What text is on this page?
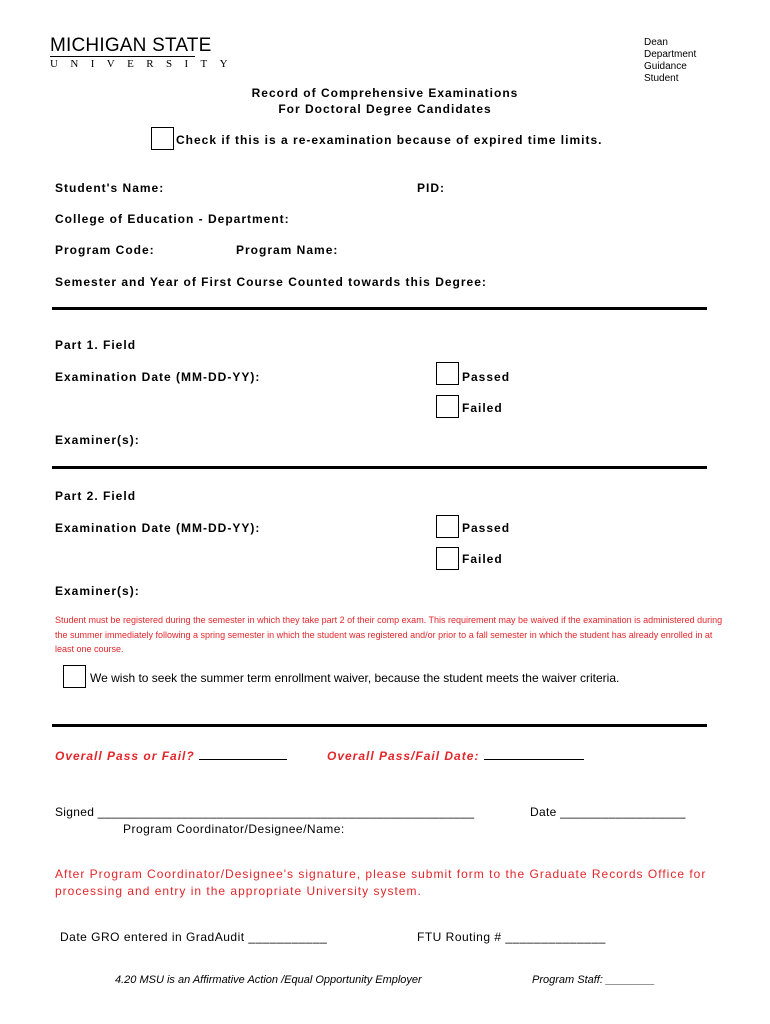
MICHIGAN STATE
UNIVERSITY
Dean
Department
Guidance
Student
Record of Comprehensive Examinations
For Doctoral Degree Candidates
Check if this is a re-examination because of expired time limits.
Student's Name:	PID:
College of Education - Department:
Program Code:	Program Name:
Semester and Year of First Course Counted towards this Degree:
Part 1. Field
Examination Date (MM-DD-YY):	Passed
Failed
Examiner(s):
Part 2. Field
Examination Date (MM-DD-YY):	Passed
Failed
Examiner(s):
Student must be registered during the semester in which they take part 2 of their comp exam. This requirement may be waived if the examination is administered during the summer immediately following a spring semester in which the student was registered and/or prior to a fall semester in which the student has already enrolled in at least one course.
We wish to seek the summer term enrollment waiver, because the student meets the waiver criteria.
Overall Pass or Fail?	Overall Pass/Fail Date:
Signed ______________________________________________________	Date __________________
Program Coordinator/Designee/Name:
After Program Coordinator/Designee's signature, please submit form to the Graduate Records Office for processing and entry in the appropriate University system.
Date GRO entered in GradAudit ___________	FTU Routing # ______________
4.20 MSU is an Affirmative Action /Equal Opportunity Employer	Program Staff: ________
